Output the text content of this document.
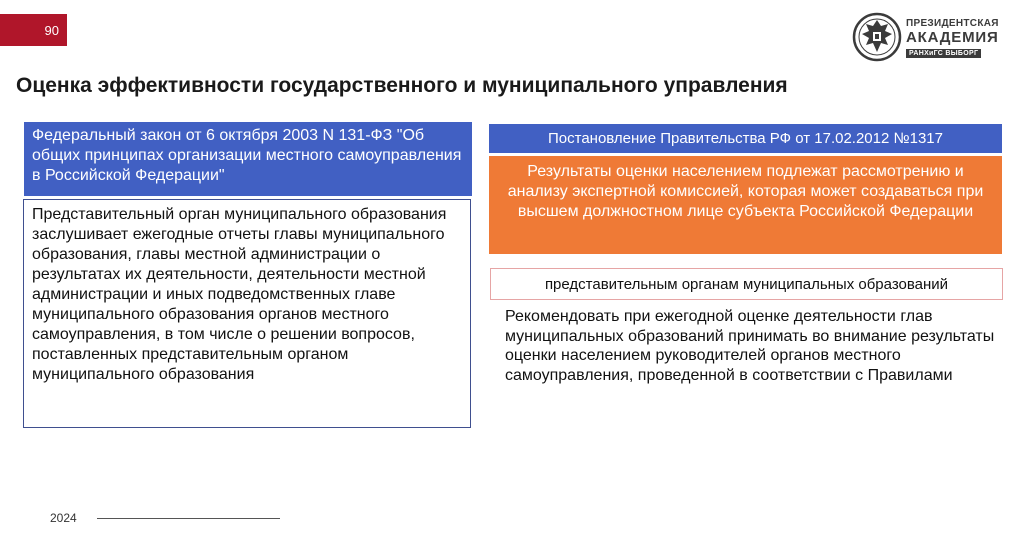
90	ПРЕЗИДЕНТСКАЯ
АКАДЕМИЯ
РАНХиГС ВЫБОРГ
Оценка эффективности государственного и муниципального управления
Федеральный закон от 6 октября 2003 N 131-ФЗ "Об общих принципах организации местного самоуправления в Российской Федерации"
Представительный орган муниципального образования заслушивает ежегодные отчеты главы муниципального образования, главы местной администрации о результатах их деятельности, деятельности местной администрации и иных подведомственных главе муниципального образования органов местного самоуправления, в том числе о решении вопросов, поставленных представительным органом муниципального образования
Постановление Правительства РФ от 17.02.2012 №1317
Результаты оценки населением подлежат рассмотрению и анализу экспертной комиссией, которая может создаваться при высшем должностном лице субъекта Российской Федерации
представительным органам муниципальных образований
Рекомендовать при ежегодной оценке деятельности глав муниципальных образований принимать во внимание результаты оценки населением руководителей органов местного самоуправления, проведенной в соответствии с Правилами
2024
